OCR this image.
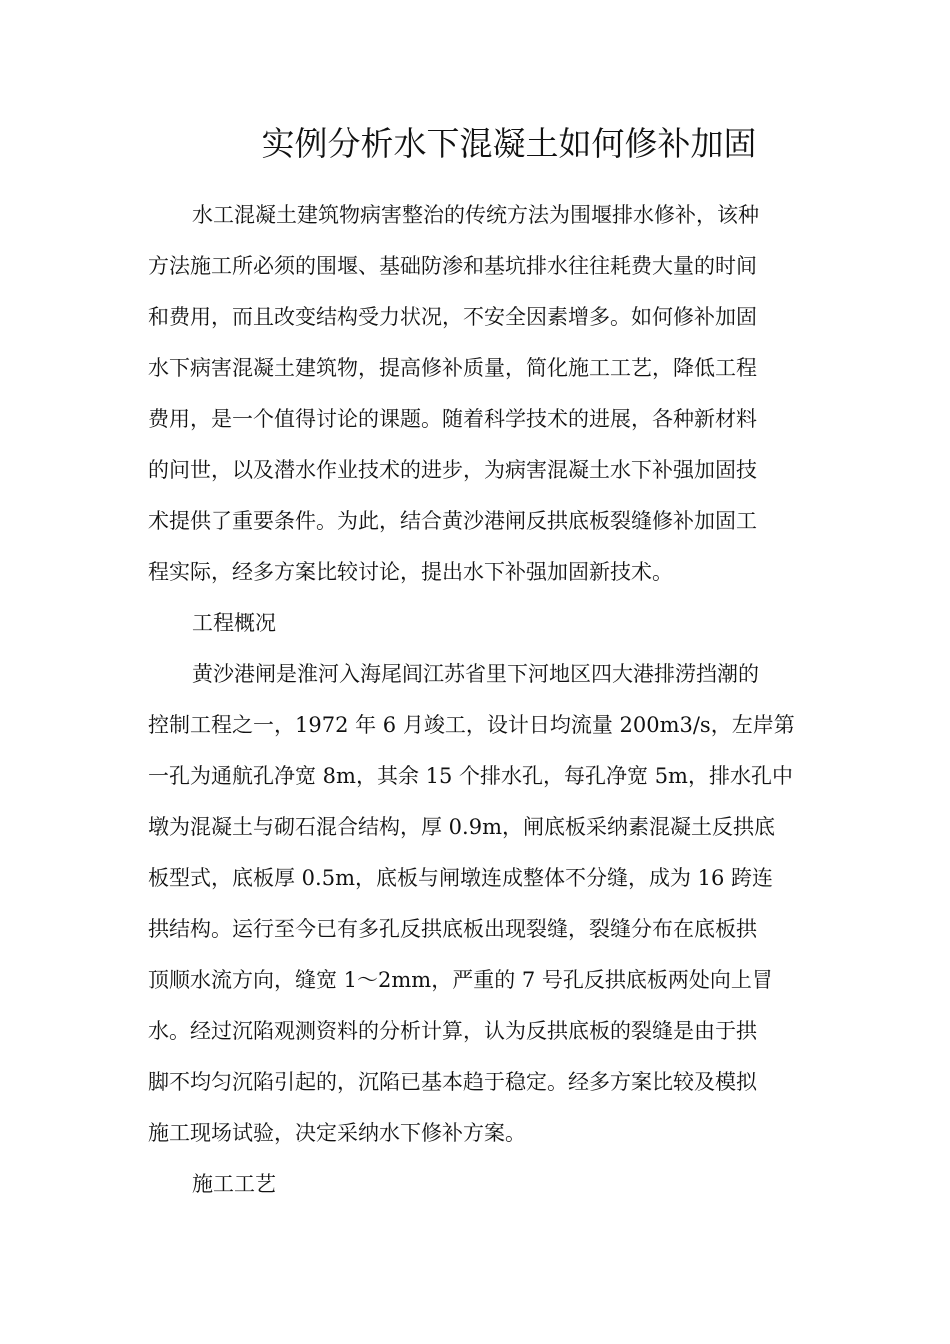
实例分析水下混凝土如何修补加固
水工混凝土建筑物病害整治的传统方法为围堰排水修补，该种
方法施工所必须的围堰、基础防渗和基坑排水往往耗费大量的时间
和费用，而且改变结构受力状况，不安全因素增多。如何修补加固
水下病害混凝土建筑物，提高修补质量，简化施工工艺，降低工程
费用，是一个值得讨论的课题。随着科学技术的进展，各种新材料
的问世，以及潜水作业技术的进步，为病害混凝土水下补强加固技
术提供了重要条件。为此，结合黄沙港闸反拱底板裂缝修补加固工
程实际，经多方案比较讨论，提出水下补强加固新技术。
工程概况
黄沙港闸是淮河入海尾闾江苏省里下河地区四大港排涝挡潮的
控制工程之一，1972 年 6 月竣工，设计日均流量 200m3/s，左岸第
一孔为通航孔净宽 8m，其余 15 个排水孔，每孔净宽 5m，排水孔中
墩为混凝土与砌石混合结构，厚 0.9m，闸底板采纳素混凝土反拱底
板型式，底板厚 0.5m，底板与闸墩连成整体不分缝，成为 16 跨连
拱结构。运行至今已有多孔反拱底板出现裂缝，裂缝分布在底板拱
顶顺水流方向，缝宽 1～2mm，严重的 7 号孔反拱底板两处向上冒
水。经过沉陷观测资料的分析计算，认为反拱底板的裂缝是由于拱
脚不均匀沉陷引起的，沉陷已基本趋于稳定。经多方案比较及模拟
施工现场试验，决定采纳水下修补方案。
施工工艺
